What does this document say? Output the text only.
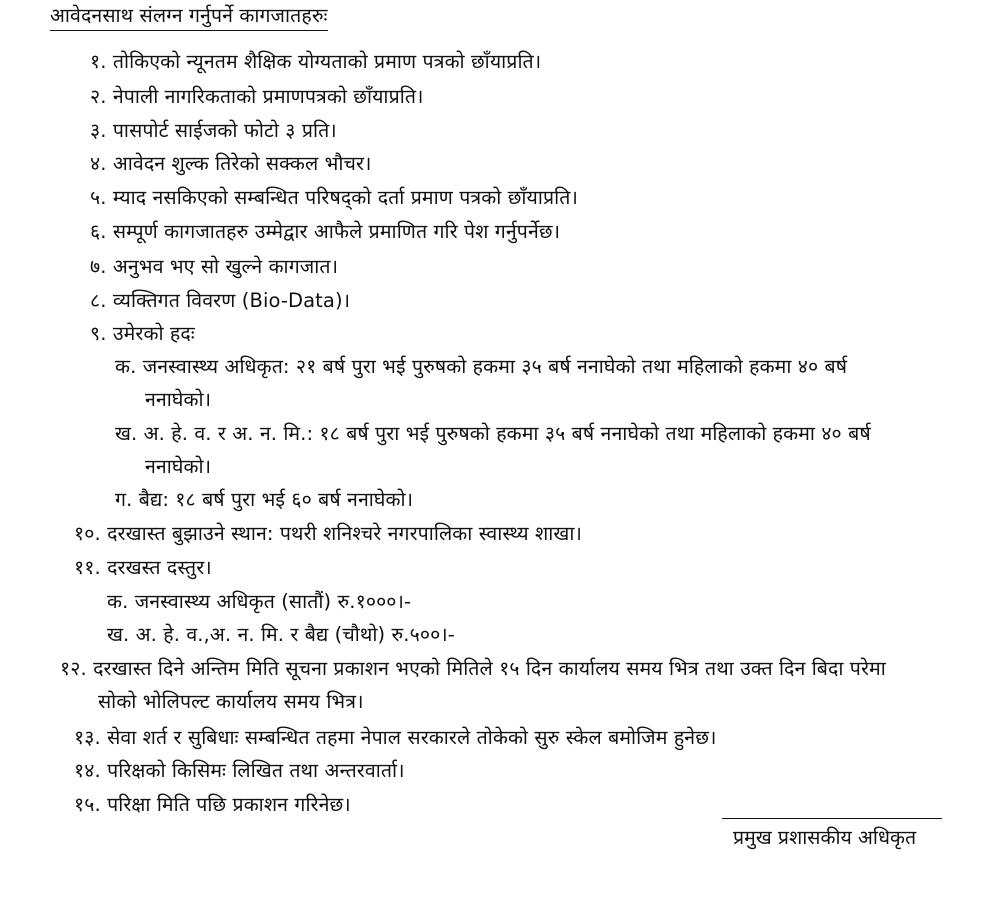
आवेदनसाथ संलग्न गर्नुपर्ने कागजातहरुः
१. तोकिएको न्यूनतम शैक्षिक योग्यताको प्रमाण पत्रको छाँयाप्रति।
२. नेपाली नागरिकताको प्रमाणपत्रको छाँयाप्रति।
३. पासपोर्ट साईजको फोटो ३ प्रति।
४. आवेदन शुल्क तिरेको सक्कल भौचर।
५. म्याद नसकिएको सम्बन्धित परिषद्को दर्ता प्रमाण पत्रको छाँयाप्रति।
६. सम्पूर्ण कागजातहरु उम्मेद्वार आफैले प्रमाणित गरि पेश गर्नुपर्नेछ।
७. अनुभव भए सो खुल्ने कागजात।
८. व्यक्तिगत विवरण (Bio-Data)।
९. उमेरको हदः
क. जनस्वास्थ्य अधिकृत: २१ बर्ष पुरा भई पुरुषको हकमा ३५ बर्ष ननाघेको तथा महिलाको हकमा ४० बर्ष
ननाघेको।
ख. अ. हे. व. र अ. न. मि.: १८ बर्ष पुरा भई पुरुषको हकमा ३५ बर्ष ननाघेको तथा महिलाको हकमा ४० बर्ष
ननाघेको।
ग. बैद्य: १८ बर्ष पुरा भई ६० बर्ष ननाघेको।
१०. दरखास्त बुझाउने स्थान: पथरी शनिश्चरे नगरपालिका स्वास्थ्य शाखा।
११. दरखस्त दस्तुर।
क. जनस्वास्थ्य अधिकृत (सातौं) रु.१०००।-
ख. अ. हे. व.,अ. न. मि. र बैद्य (चौथो) रु.५००।-
१२. दरखास्त दिने अन्तिम मिति सूचना प्रकाशन भएको मितिले १५ दिन कार्यालय समय भित्र तथा उक्त दिन बिदा परेमा
सोको भोलिपल्ट कार्यालय समय भित्र।
१३. सेवा शर्त र सुबिधाः सम्बन्धित तहमा नेपाल सरकारले तोकेको सुरु स्केल बमोजिम हुनेछ।
१४. परिक्षको किसिमः लिखित तथा अन्तरवार्ता।
१५. परिक्षा मिति पछि प्रकाशन गरिनेछ।
प्रमुख प्रशासकीय अधिकृत
